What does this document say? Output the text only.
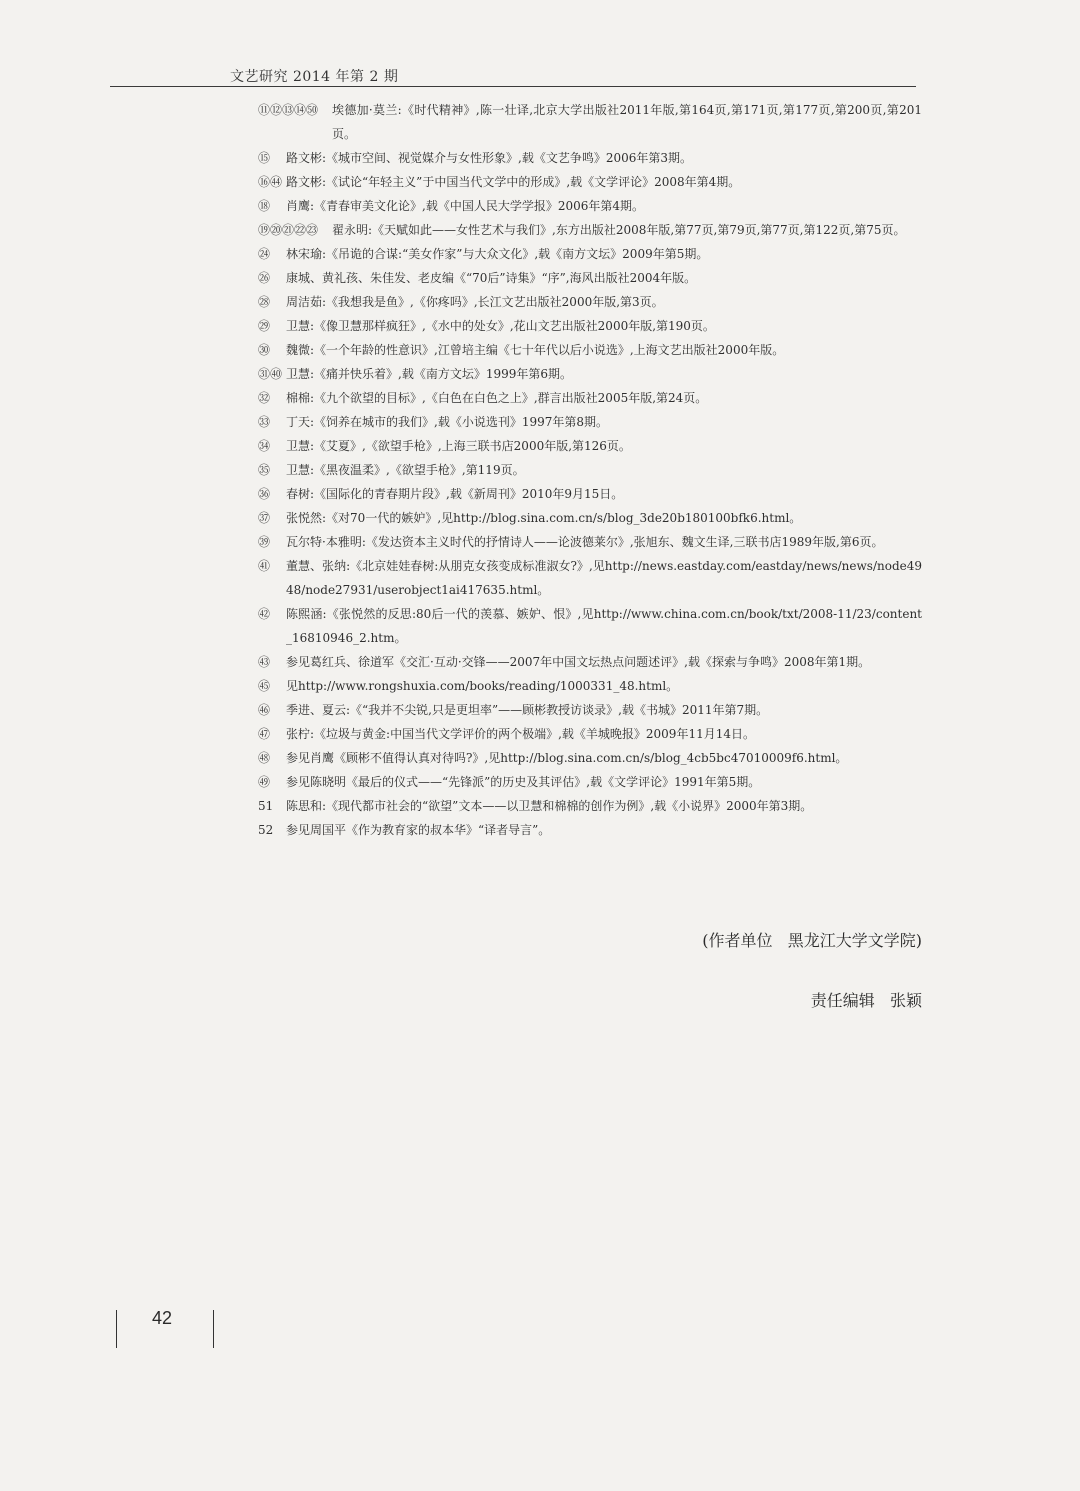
文艺研究 2014 年第 2 期
⑪⑫⑬⑭㊿	埃德加·莫兰:《时代精神》,陈一壮译,北京大学出版社2011年版,第164页,第171页,第177页,第200页,第201页。
⑮	路文彬:《城市空间、视觉媒介与女性形象》,载《文艺争鸣》2006年第3期。
⑯㊹ 路文彬:《试论“年轻主义”于中国当代文学中的形成》,载《文学评论》2008年第4期。
⑱	肖鹰:《青春审美文化论》,载《中国人民大学学报》2006年第4期。
⑲⑳㉑㉒㉓	翟永明:《天赋如此——女性艺术与我们》,东方出版社2008年版,第77页,第79页,第77页,第122页,第75页。
㉔	林宋瑜:《吊诡的合谋:“美女作家”与大众文化》,载《南方文坛》2009年第5期。
㉖	康城、黄礼孩、朱佳发、老皮编《“70后”诗集》“序”,海风出版社2004年版。
㉘	周洁茹:《我想我是鱼》,《你疼吗》,长江文艺出版社2000年版,第3页。
㉙	卫慧:《像卫慧那样疯狂》,《水中的处女》,花山文艺出版社2000年版,第190页。
㉚	魏微:《一个年龄的性意识》,江曾培主编《七十年代以后小说选》,上海文艺出版社2000年版。
㉛㊵ 卫慧:《痛并快乐着》,载《南方文坛》1999年第6期。
㉜	棉棉:《九个欲望的目标》,《白色在白色之上》,群言出版社2005年版,第24页。
㉝	丁天:《饲养在城市的我们》,载《小说选刊》1997年第8期。
㉞	卫慧:《艾夏》,《欲望手枪》,上海三联书店2000年版,第126页。
㉟	卫慧:《黑夜温柔》,《欲望手枪》,第119页。
㊱	春树:《国际化的青春期片段》,载《新周刊》2010年9月15日。
㊲	张悦然:《对70一代的嫉妒》,见http://blog.sina.com.cn/s/blog_3de20b180100bfk6.html。
㊴	瓦尔特·本雅明:《发达资本主义时代的抒情诗人——论波德莱尔》,张旭东、魏文生译,三联书店1989年版,第6页。
㊶	董慧、张纳:《北京娃娃春树:从朋克女孩变成标准淑女?》,见http://news.eastday.com/eastday/news/news/node4948/node27931/userobject1ai417635.html。
㊷	陈熙涵:《张悦然的反思:80后一代的羡慕、嫉妒、恨》,见http://www.china.com.cn/book/txt/2008-11/23/content_16810946_2.htm。
㊸	参见葛红兵、徐道军《交汇·互动·交锋——2007年中国文坛热点问题述评》,载《探索与争鸣》2008年第1期。
㊺	见http://www.rongshuxia.com/books/reading/1000331_48.html。
㊻	季进、夏云:《“我并不尖锐,只是更坦率”——顾彬教授访谈录》,载《书城》2011年第7期。
㊼	张柠:《垃圾与黄金:中国当代文学评价的两个极端》,载《羊城晚报》2009年11月14日。
㊽	参见肖鹰《顾彬不值得认真对待吗?》,见http://blog.sina.com.cn/s/blog_4cb5bc47010009f6.html。
㊾	参见陈晓明《最后的仪式——“先锋派”的历史及其评估》,载《文学评论》1991年第5期。
51	陈思和:《现代都市社会的“欲望”文本——以卫慧和棉棉的创作为例》,载《小说界》2000年第3期。
52	参见周国平《作为教育家的叔本华》“译者导言”。
(作者单位   黑龙江大学文学院)
责任编辑   张颖
42
